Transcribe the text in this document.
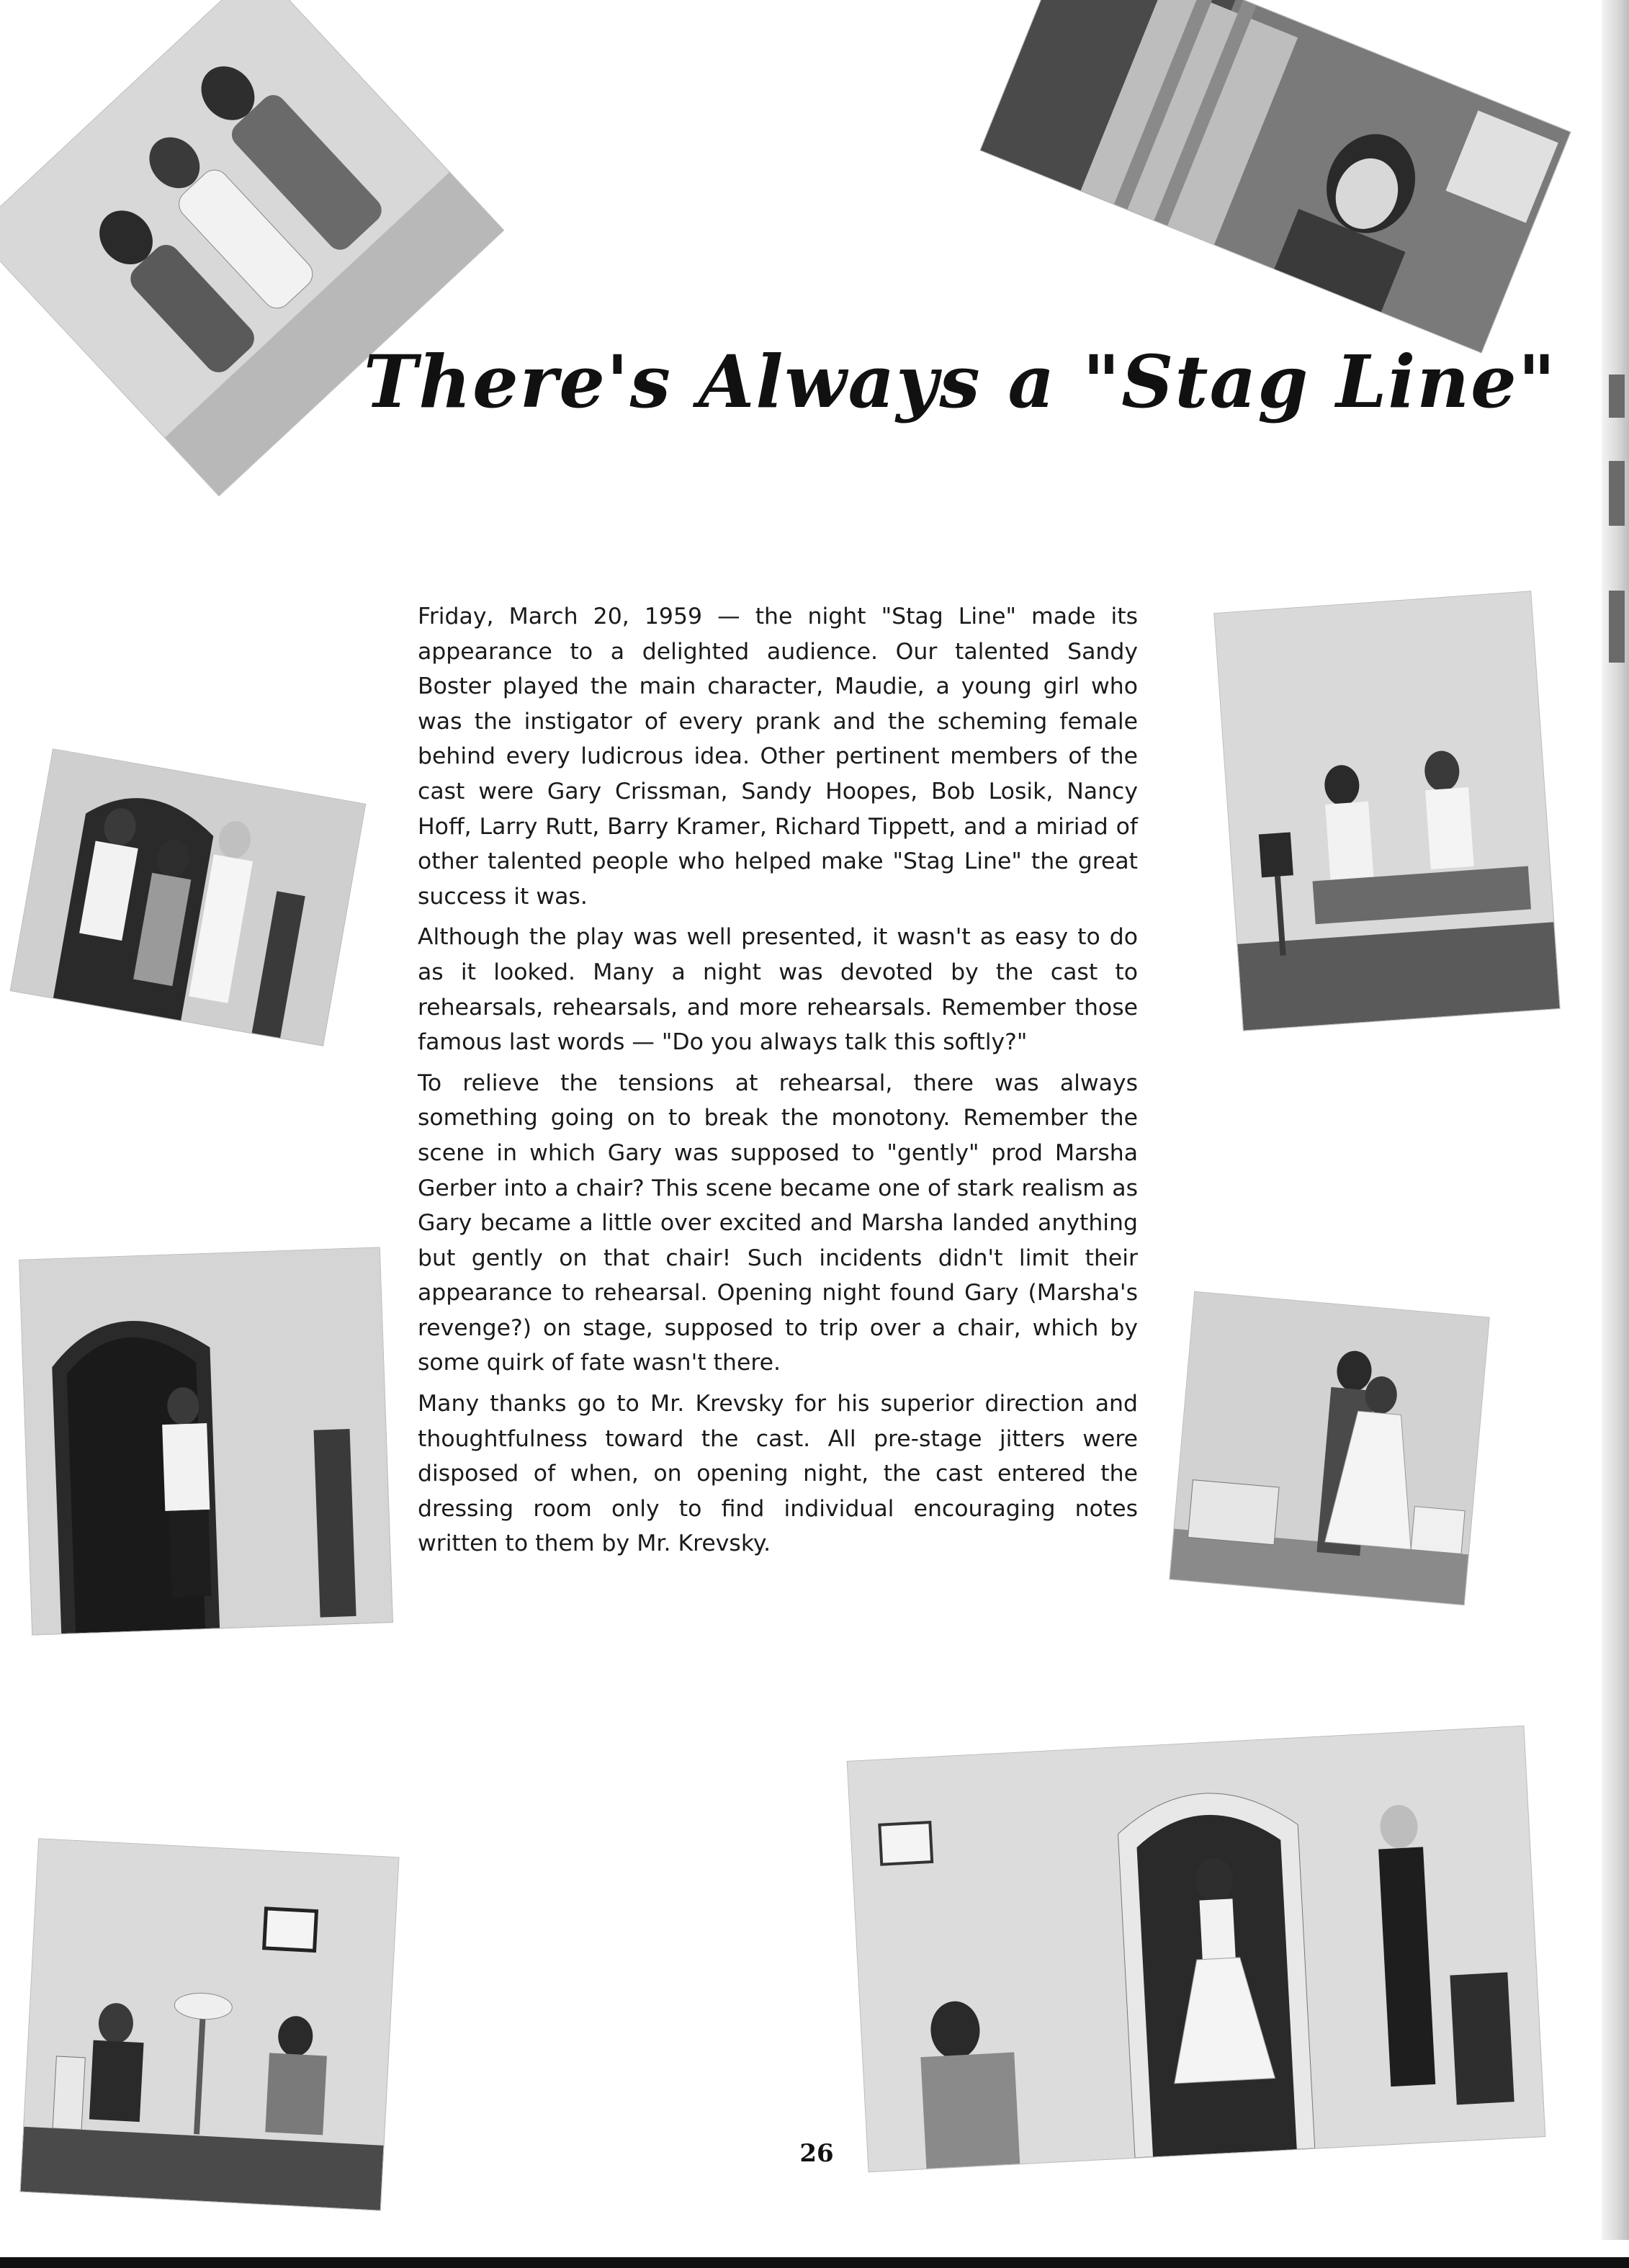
There's Always a "Stag Line"

Friday, March 20, 1959 — the night "Stag Line" made its appearance to a delighted audience. Our talented Sandy Boster played the main character, Maudie, a young girl who was the instigator of every prank and the scheming female behind every ludicrous idea. Other pertinent members of the cast were Gary Crissman, Sandy Hoopes, Bob Losik, Nancy Hoff, Larry Rutt, Barry Kramer, Richard Tippett, and a miriad of other talented people who helped make "Stag Line" the great success it was.

Although the play was well presented, it wasn't as easy to do as it looked. Many a night was devoted by the cast to rehearsals, rehearsals, and more rehearsals. Remember those famous last words — "Do you always talk this softly?"

To relieve the tensions at rehearsal, there was always something going on to break the monotony. Remember the scene in which Gary was supposed to "gently" prod Marsha Gerber into a chair? This scene became one of stark realism as Gary became a little over excited and Marsha landed anything but gently on that chair! Such incidents didn't limit their appearance to rehearsal. Opening night found Gary (Marsha's revenge?) on stage, supposed to trip over a chair, which by some quirk of fate wasn't there.

Many thanks go to Mr. Krevsky for his superior direction and thoughtfulness toward the cast. All pre-stage jitters were disposed of when, on opening night, the cast entered the dressing room only to find individual encouraging notes written to them by Mr. Krevsky.

26
